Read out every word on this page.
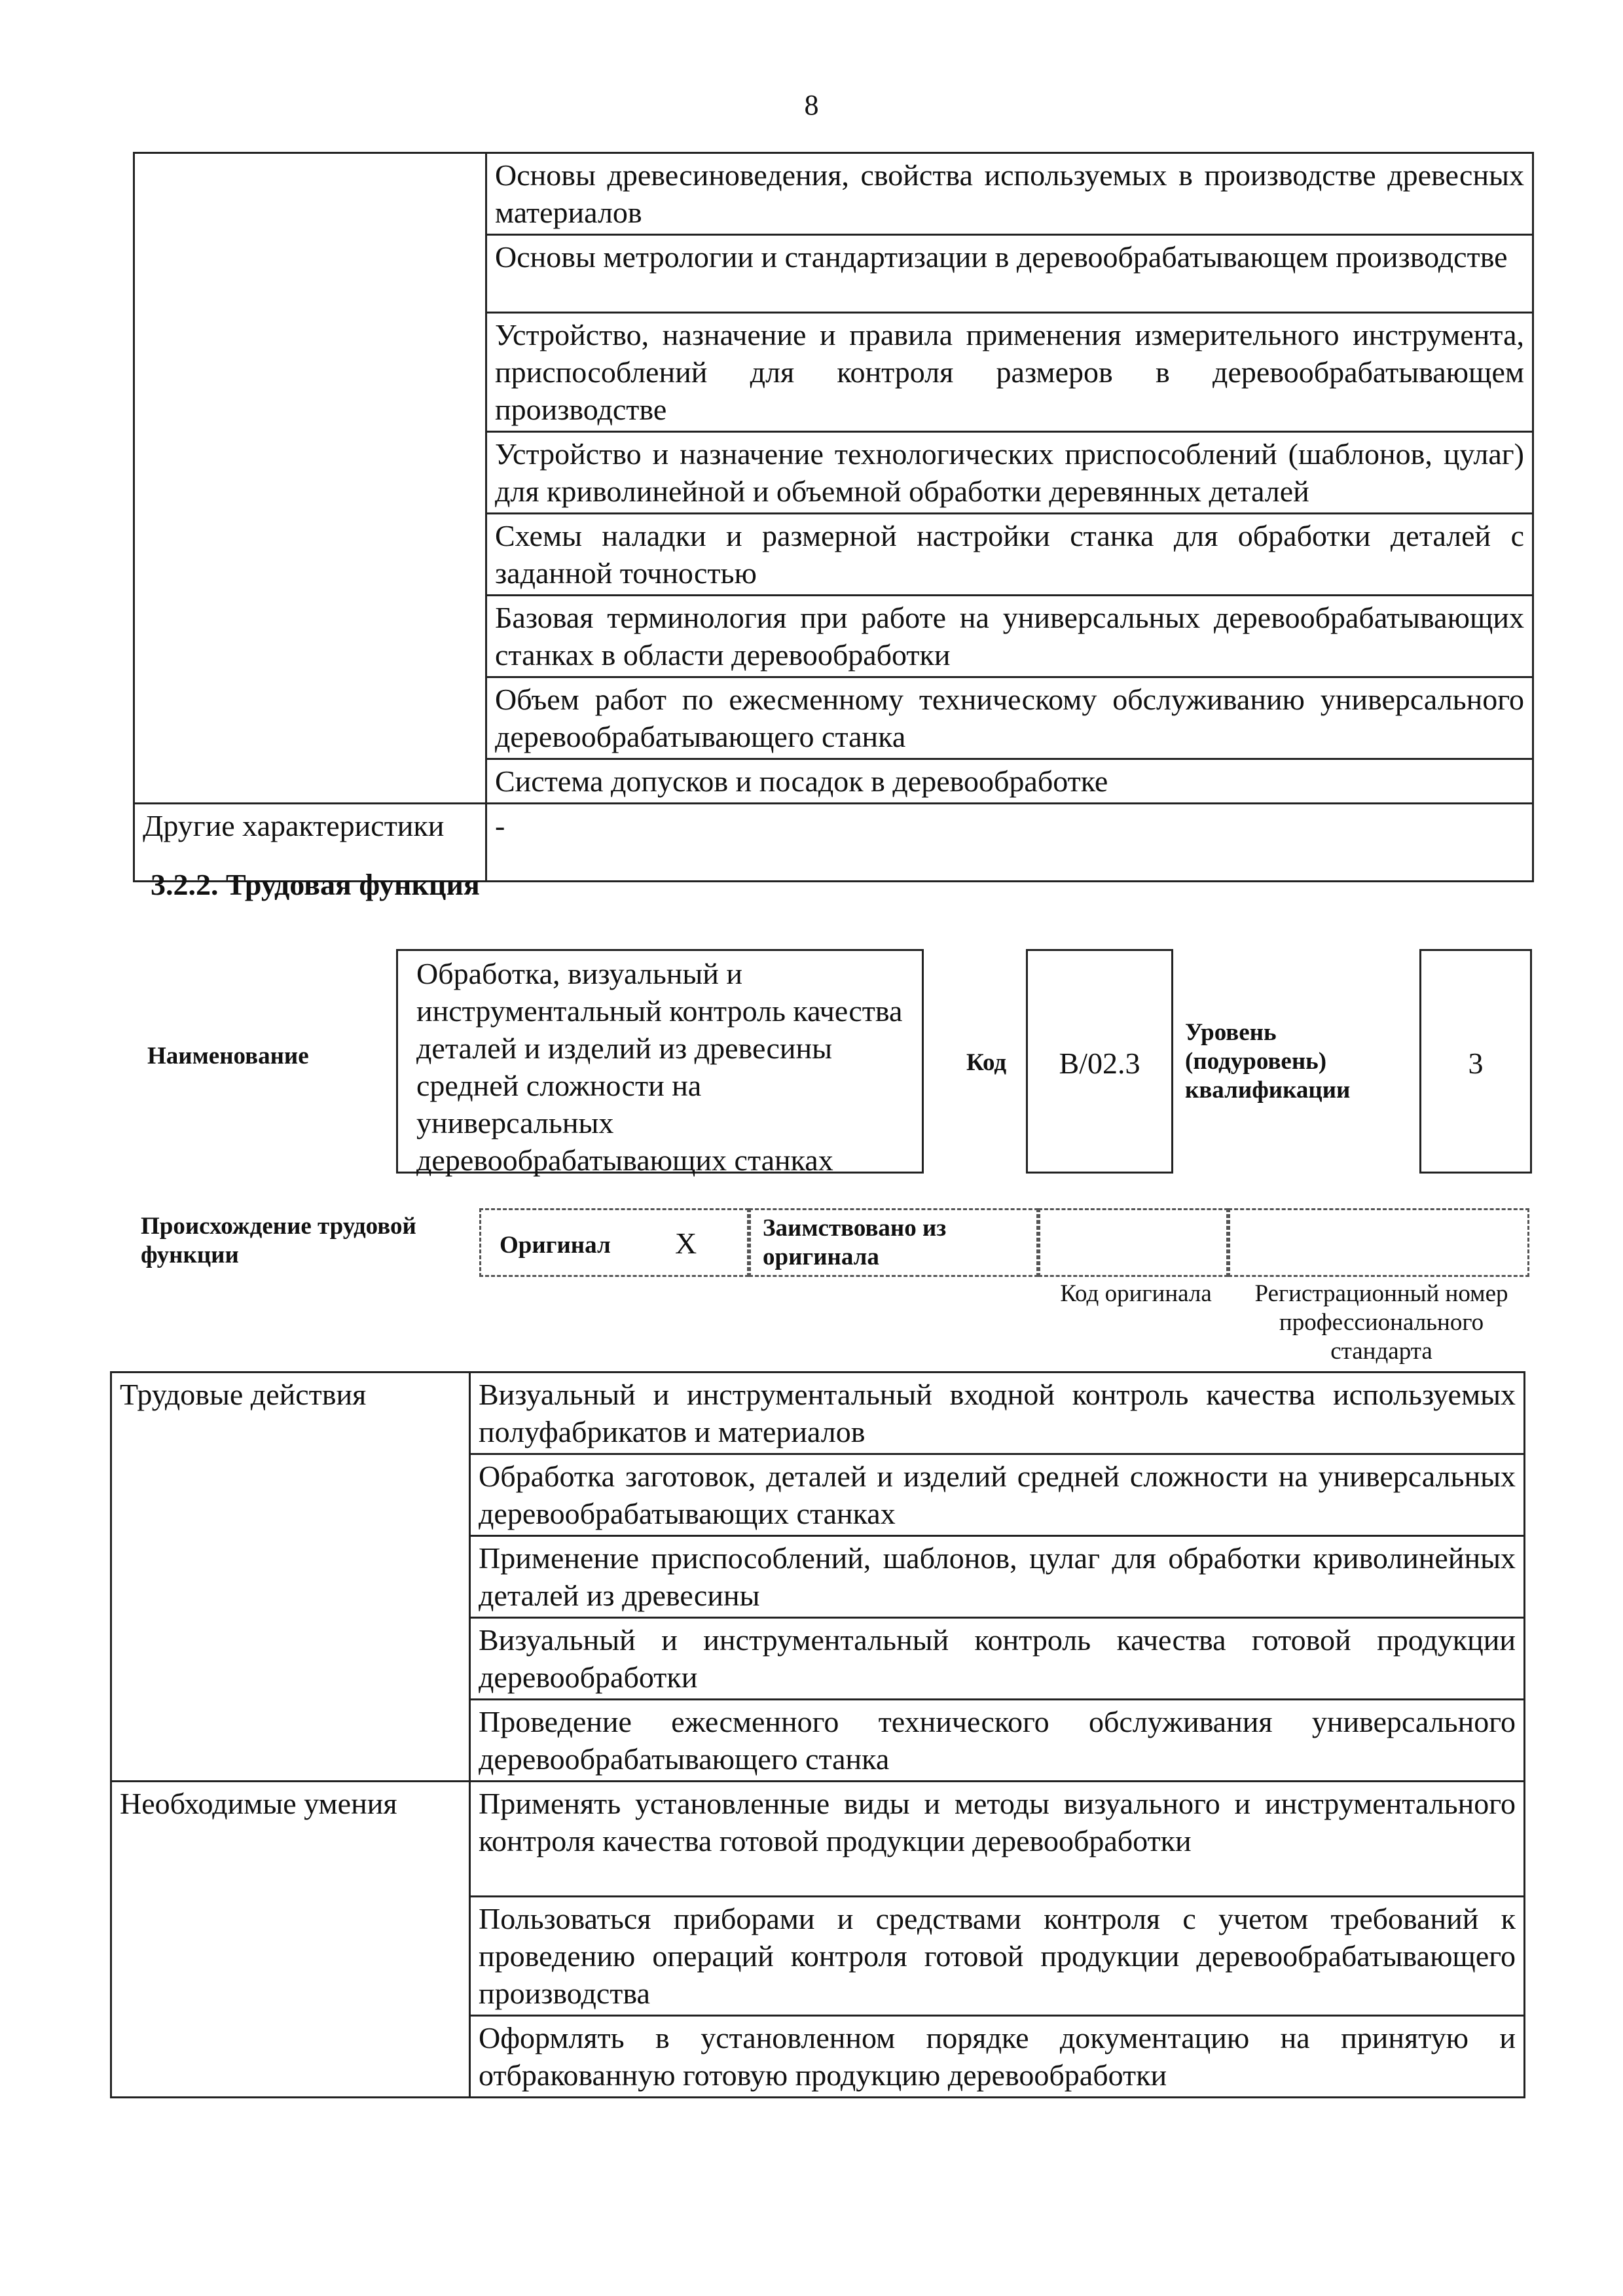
8
	Основы древесиноведения, свойства используемых в производстве древесных материалов
	Основы метрологии и стандартизации в деревообрабатывающем производстве
	Устройство, назначение и правила применения измерительного инструмента, приспособлений для контроля размеров в деревообрабатывающем производстве
	Устройство и назначение технологических приспособлений (шаблонов, цулаг) для криволинейной и объемной обработки деревянных деталей
	Схемы наладки и размерной настройки станка для обработки деталей с заданной точностью
	Базовая терминология при работе на универсальных деревообрабатывающих станках в области деревообработки
	Объем работ по ежесменному техническому обслуживанию универсального деревообрабатывающего станка
	Система допусков и посадок в деревообработке
Другие характеристики	-
3.2.2. Трудовая функция
Наименование
Обработка, визуальный и инструментальный контроль качества деталей и изделий из древесины средней сложности на универсальных деревообрабатывающих станках
Код	B/02.3
Уровень (подуровень) квалификации
3
Происхождение трудовой функции	Оригинал X	Заимствовано из оригинала
Код оригинала	Регистрационный номер профессионального стандарта
Трудовые действия	Визуальный и инструментальный входной контроль качества используемых полуфабрикатов и материалов
	Обработка заготовок, деталей и изделий средней сложности на универсальных деревообрабатывающих станках
	Применение приспособлений, шаблонов, цулаг для обработки криволинейных деталей из древесины
	Визуальный и инструментальный контроль качества готовой продукции деревообработки
	Проведение ежесменного технического обслуживания универсального деревообрабатывающего станка
Необходимые умения	Применять установленные виды и методы визуального и инструментального контроля качества готовой продукции деревообработки
	Пользоваться приборами и средствами контроля с учетом требований к проведению операций контроля готовой продукции деревообрабатывающего производства
	Оформлять в установленном порядке документацию на принятую и отбракованную готовую продукцию деревообработки
